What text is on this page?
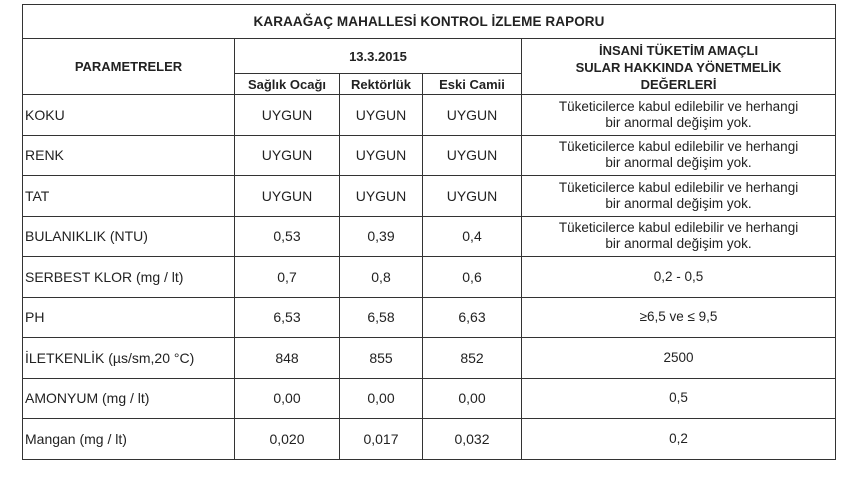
KARAAĞAÇ MAHALLESİ KONTROL İZLEME RAPORU				
PARAMETRELER	13.3.2015			İNSANİ TÜKETİM AMAÇLI
SULAR HAKKINDA YÖNETMELİK
DEĞERLERİ

	Sağlık Ocağı	Rektörlük	Eski Camii	
KOKU	UYGUN	UYGUN	UYGUN	Tüketicilerce kabul edilebilir ve herhangi
bir anormal değişim yok.

RENK	UYGUN	UYGUN	UYGUN	Tüketicilerce kabul edilebilir ve herhangi
bir anormal değişim yok.

TAT	UYGUN	UYGUN	UYGUN	Tüketicilerce kabul edilebilir ve herhangi
bir anormal değişim yok.

BULANIKLIK (NTU)	0,53	0,39	0,4	Tüketicilerce kabul edilebilir ve herhangi
bir anormal değişim yok.

SERBEST KLOR (mg / lt)	0,7	0,8	0,6	0,2 - 0,5

PH	6,53	6,58	6,63	≥6,5 ve ≤ 9,5

İLETKENLİK (µs/sm,20 °C)	848	855	852	2500

AMONYUM (mg / lt)	0,00	0,00	0,00	0,5

Mangan (mg / lt)	0,020	0,017	0,032	0,2
